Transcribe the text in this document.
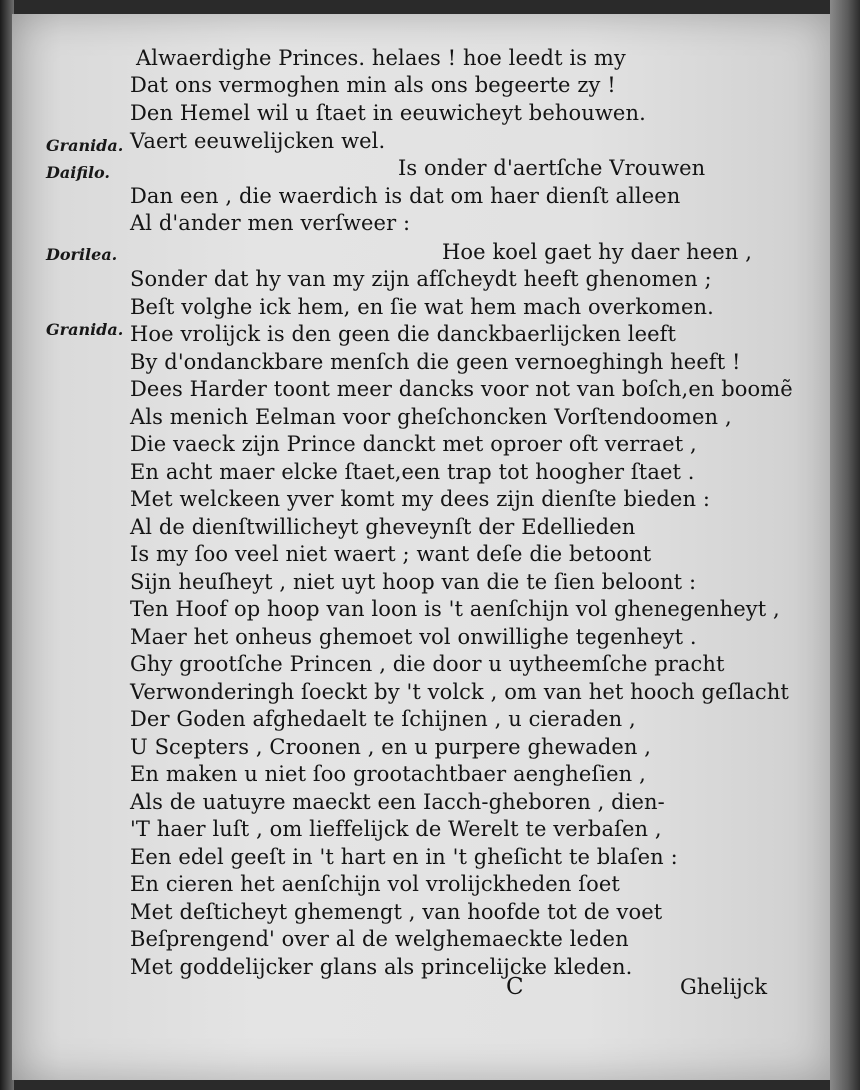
Granida.
Daifilo.
Dorilea.
Granida.
Alwaerdighe Princes. helaes ! hoe leedt is my
Dat ons vermoghen min als ons begeerte zy !
Den Hemel wil u ſtaet in eeuwicheyt behouwen.
Vaert eeuwelijcken wel.
Is onder d'aertſche Vrouwen
Dan een , die waerdich is dat om haer dienſt alleen
Al d'ander men verſweer :
Hoe koel gaet hy daer heen ,
Sonder dat hy van my zijn afſcheydt heeft ghenomen ;
Beſt volghe ick hem, en ſie wat hem mach overkomen.
Hoe vrolijck is den geen die danckbaerlijcken leeft
By d'ondanckbare menſch die geen vernoeghingh heeft !
Dees Harder toont meer dancks voor not van boſch,en boomẽ
Als menich Eelman voor gheſchoncken Vorſtendoomen ,
Die vaeck zijn Prince danckt met oproer oft verraet ,
En acht maer elcke ſtaet,een trap tot hoogher ſtaet .
Met welckeen yver komt my dees zijn dienſte bieden :
Al de dienſtwillicheyt gheveynſt der Edellieden
Is my ſoo veel niet waert ; want deſe die betoont
Sijn heuſheyt , niet uyt hoop van die te ſien beloont :
Ten Hoof op hoop van loon is 't aenſchijn vol ghenegenheyt ,
Maer het onheus ghemoet vol onwillighe tegenheyt .
Ghy grootſche Princen , die door u uytheemſche pracht
Verwonderingh ſoeckt by 't volck , om van het hooch geſlacht
Der Goden afghedaelt te ſchijnen , u cieraden ,
U Scepters , Croonen , en u purpere ghewaden ,
En maken u niet ſoo grootachtbaer aengheſien ,
Als de uatuyre maeckt een Iacch-gheboren , dien-
'T haer luſt , om lieffelijck de Werelt te verbaſen ,
Een edel geeſt in 't hart en in 't gheſicht te blaſen :
En cieren het aenſchijn vol vrolijckheden ſoet
Met deſticheyt ghemengt , van hoofde tot de voet
Beſprengend' over al de welghemaeckte leden
Met goddelijcker glans als princelijcke kleden.
C	Ghelijck
